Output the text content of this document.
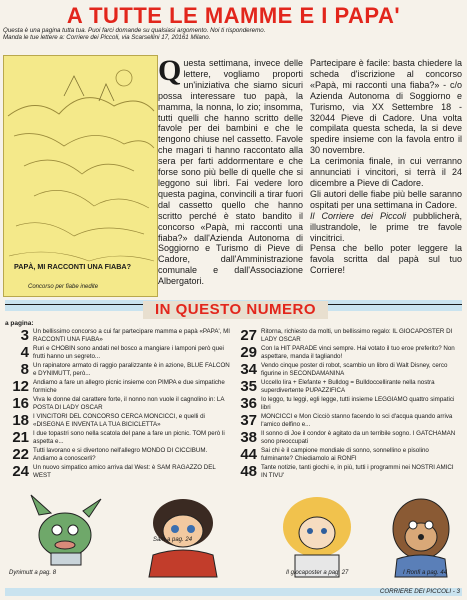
A TUTTE LE MAMME E I PAPA'
Questa è una pagina tutta tua. Puoi farci domande su qualsiasi argomento. Noi ti risponderemo.
Manda le tue lettere a: Corriere dei Piccoli, via Scarsellini 17, 20161 Milano.
PAPÀ, MI RACCONTI UNA FIABA?
Concorso per fiabe inedite
Questa settimana, invece delle lettere, vogliamo proporti un'iniziativa che siamo sicuri possa interessare tuo papà, la mamma, la nonna, lo zio; insomma, tutti quelli che hanno scritto delle favole per dei bambini e che le tengono chiuse nel cassetto. Favole che magari ti hanno raccontato alla sera per farti addormentare e che forse sono più belle di quelle che si leggono sui libri. Fai vedere loro questa pagina, convincili a tirar fuori dal cassetto quello che hanno scritto perché è stato bandito il concorso «Papà, mi racconti una fiaba?» dall'Azienda Autonoma di Soggiorno e Turismo di Pieve di Cadore, dall'Amministrazione comunale e dall'Associazione Albergatori.
Partecipare è facile: basta chiedere la scheda d'iscrizione al concorso «Papà, mi racconti una fiaba?» - c/o Azienda Autonoma di Soggiorno e Turismo, via XX Settembre 18 - 32044 Pieve di Cadore. Una volta compilata questa scheda, la si deve spedire insieme con la favola entro il 30 novembre.
La cerimonia finale, in cui verranno annunciati i vincitori, si terrà il 24 dicembre a Pieve di Cadore.
Gli autori delle fiabe più belle saranno ospitati per una settimana in Cadore.
Il Corriere dei Piccoli pubblicherà, illustrandole, le prime tre favole vincitrici.
Pensa che bello poter leggere la favola scritta dal papà sul tuo Corriere!
IN QUESTO NUMERO
a pagina:
3 Un bellissimo concorso a cui far partecipare mamma e papà «PAPA', MI RACCONTI UNA FIABA»
4 Ruri e CHOBIN sono andati nel bosco a mangiare i lamponi però quei frutti hanno un segreto...
8 Un rapinatore armato di raggio paralizzante è in azione, BLUE FALCON e DYNIMUTT, però...
12 Andiamo a fare un allegro picnic insieme con PIMPA e due simpatiche formiche
16 Viva le donne dal carattere forte, il nonno non vuole il cagnolino in: LA POSTA DI LADY OSCAR
18 I VINCITORI DEL CONCORSO CERCA MONCICCI, e quelli di «DISEGNA E INVENTA LA TUA BICICLETTA»
21 I due topastri sono nella scatola del pane a fare un picnic. TOM però li aspetta e...
22 Tutti lavorano e si divertono nell'allegro MONDO DI CICCIBUM. Andiamo a conoscerli?
24 Un nuovo simpatico amico arriva dal West: è SAM RAGAZZO DEL WEST
27 Ritorna, richiesto da molti, un bellissimo regalo: IL GIOCAPOSTER DI LADY OSCAR
29 Con la HIT PARADE vinci sempre. Hai votato il tuo eroe preferito? Non aspettare, manda il tagliando!
34 Vendo cinque poster di robot, scambio un libro di Walt Disney, cerco figurine in SECONDAMANINA
35 Uccello lira + Elefante + Bulldog = Bulldoccellirante nella nostra superdivertente PUPAZZIFICA
36 Io leggo, tu leggi, egli legge, tutti insieme LEGGIAMO quattro simpatici libri
37 MONCICCI e Mon Cicciò stanno facendo lo sci d'acqua quando arriva l'amico delfino e...
38 Il sonno di Joe il condor è agitato da un terribile sogno. I GATCHAMAN sono preoccupati
44 Sai chi è il campione mondiale di sonno, sonnellino e pisolino fulminante? Chiediamolo ai RONFI
48 Tante notizie, tanti giochi e, in più, tutti i programmi nei NOSTRI AMICI IN TIVU'
Dynimutt a pag. 8
Sam a pag. 24
Il giocaposter a pag. 27	I Ronfi a pag. 44
CORRIERE DEI PICCOLI - 3
